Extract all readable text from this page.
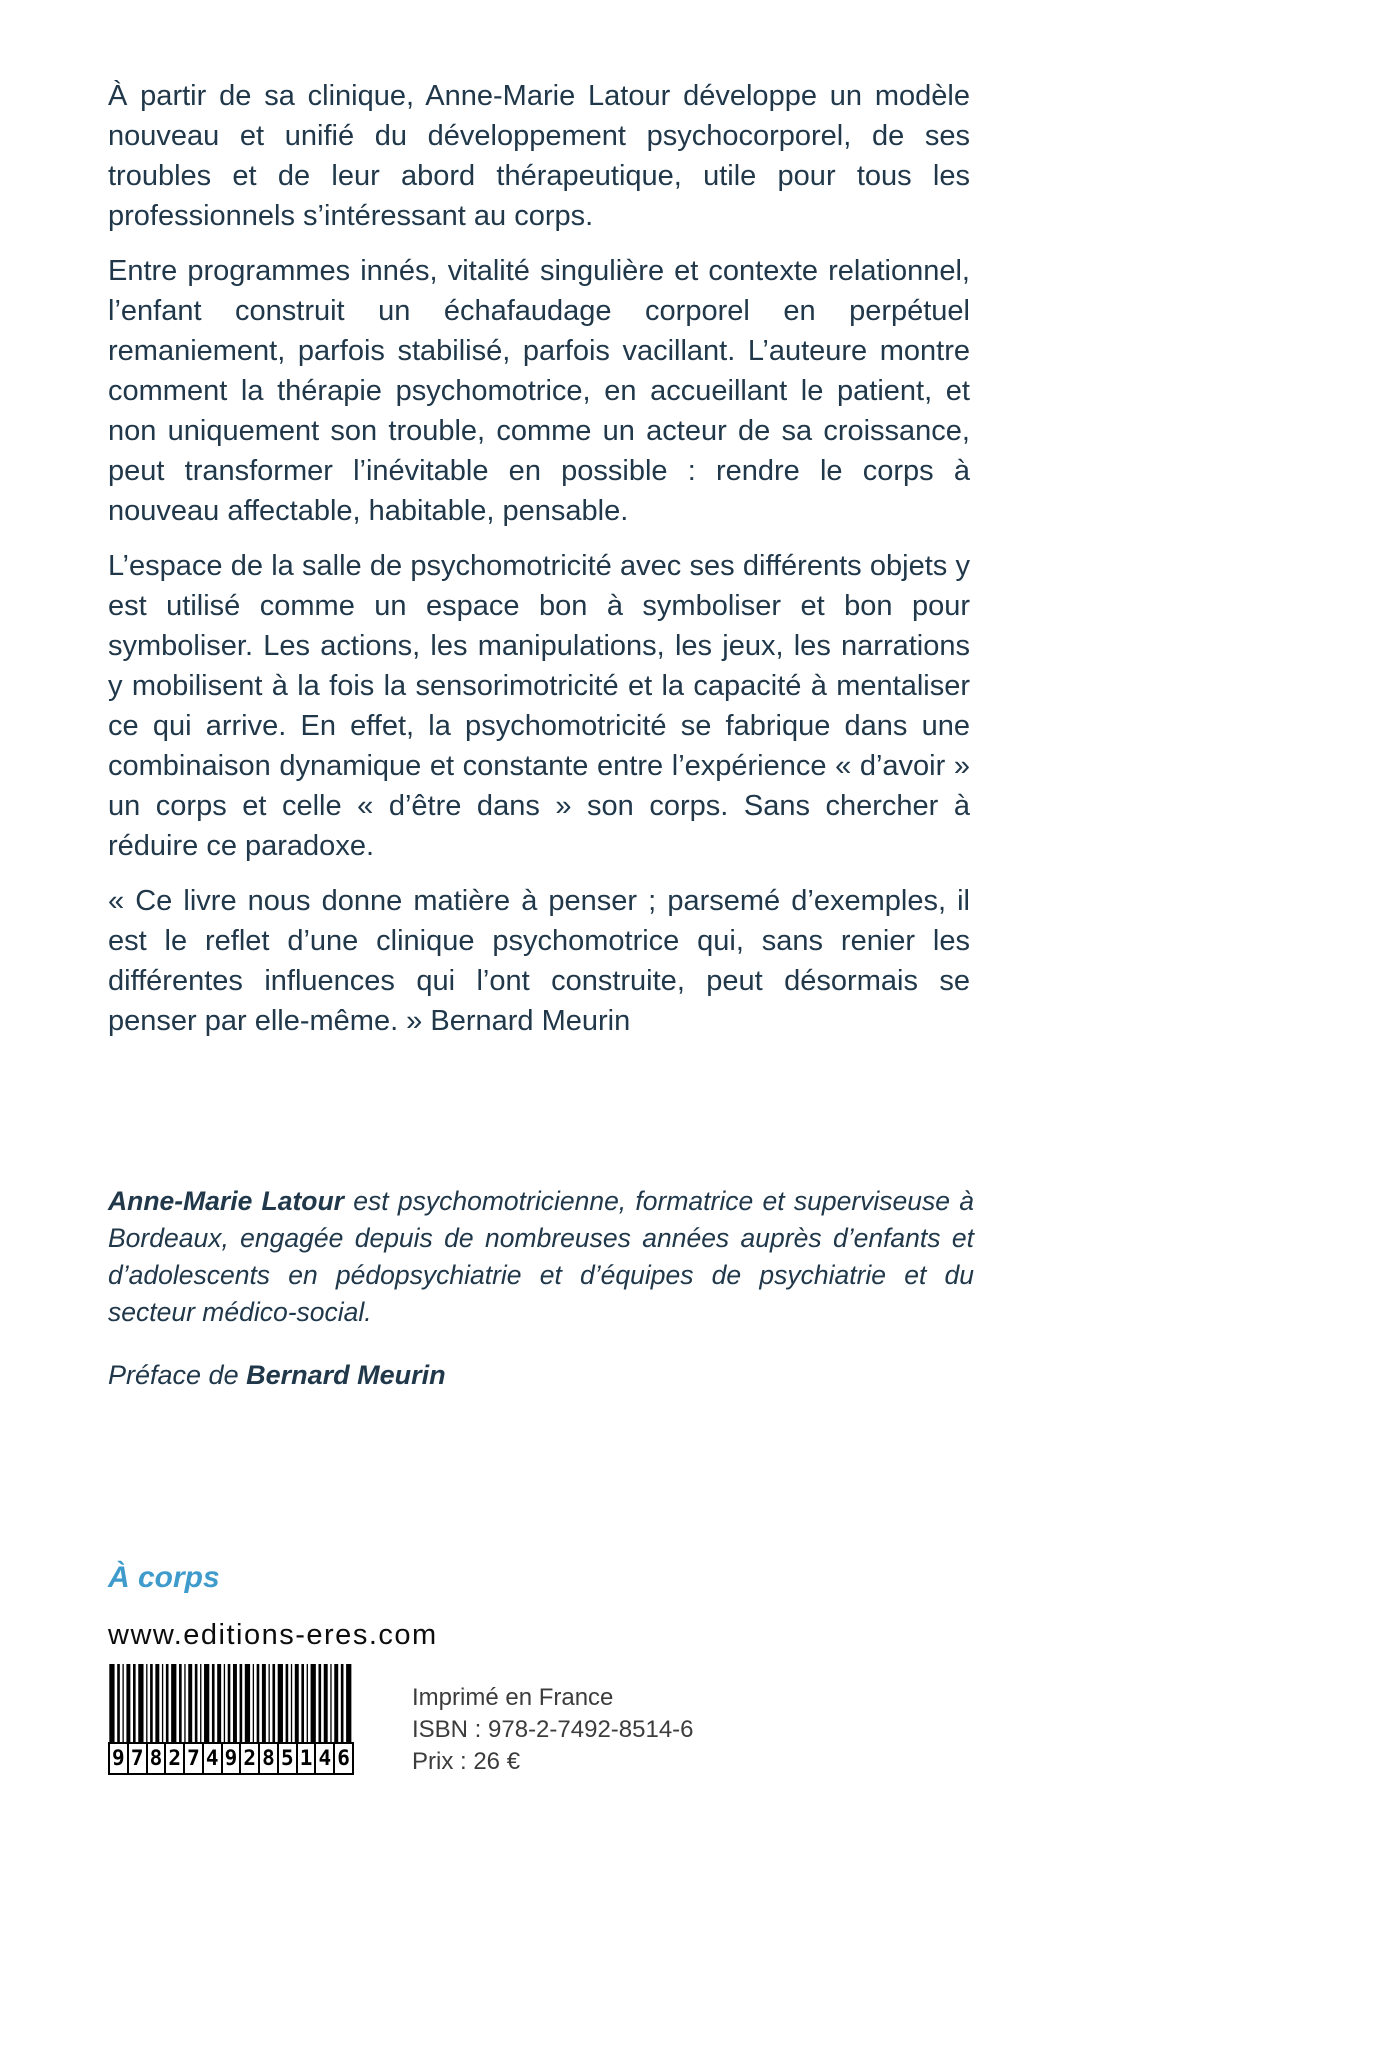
À partir de sa clinique, Anne-Marie Latour développe un modèle nouveau et unifié du développement psychocorporel, de ses troubles et de leur abord thérapeutique, utile pour tous les professionnels s’intéressant au corps.

Entre programmes innés, vitalité singulière et contexte relationnel, l’enfant construit un échafaudage corporel en perpétuel remaniement, parfois stabilisé, parfois vacillant. L’auteure montre comment la thérapie psychomotrice, en accueillant le patient, et non uniquement son trouble, comme un acteur de sa croissance, peut transformer l’inévitable en possible : rendre le corps à nouveau affectable, habitable, pensable.

L’espace de la salle de psychomotricité avec ses différents objets y est utilisé comme un espace bon à symboliser et bon pour symboliser. Les actions, les manipulations, les jeux, les narrations y mobilisent à la fois la sensorimotricité et la capacité à mentaliser ce qui arrive. En effet, la psychomotricité se fabrique dans une combinaison dynamique et constante entre l’expérience « d’avoir » un corps et celle « d’être dans » son corps. Sans chercher à réduire ce paradoxe.

« Ce livre nous donne matière à penser ; parsemé d’exemples, il est le reflet d’une clinique psychomotrice qui, sans renier les différentes influences qui l’ont construite, peut désormais se penser par elle-même. » Bernard Meurin

Anne-Marie Latour est psychomotricienne, formatrice et superviseuse à Bordeaux, engagée depuis de nombreuses années auprès d’enfants et d’adolescents en pédopsychiatrie et d’équipes de psychiatrie et du secteur médico-social.

Préface de Bernard Meurin

À corps
www.editions-eres.com
9 7 8 2 7 4 9 2 8 5 1 4 6
Imprimé en France
ISBN : 978-2-7492-8514-6
Prix : 26 €
